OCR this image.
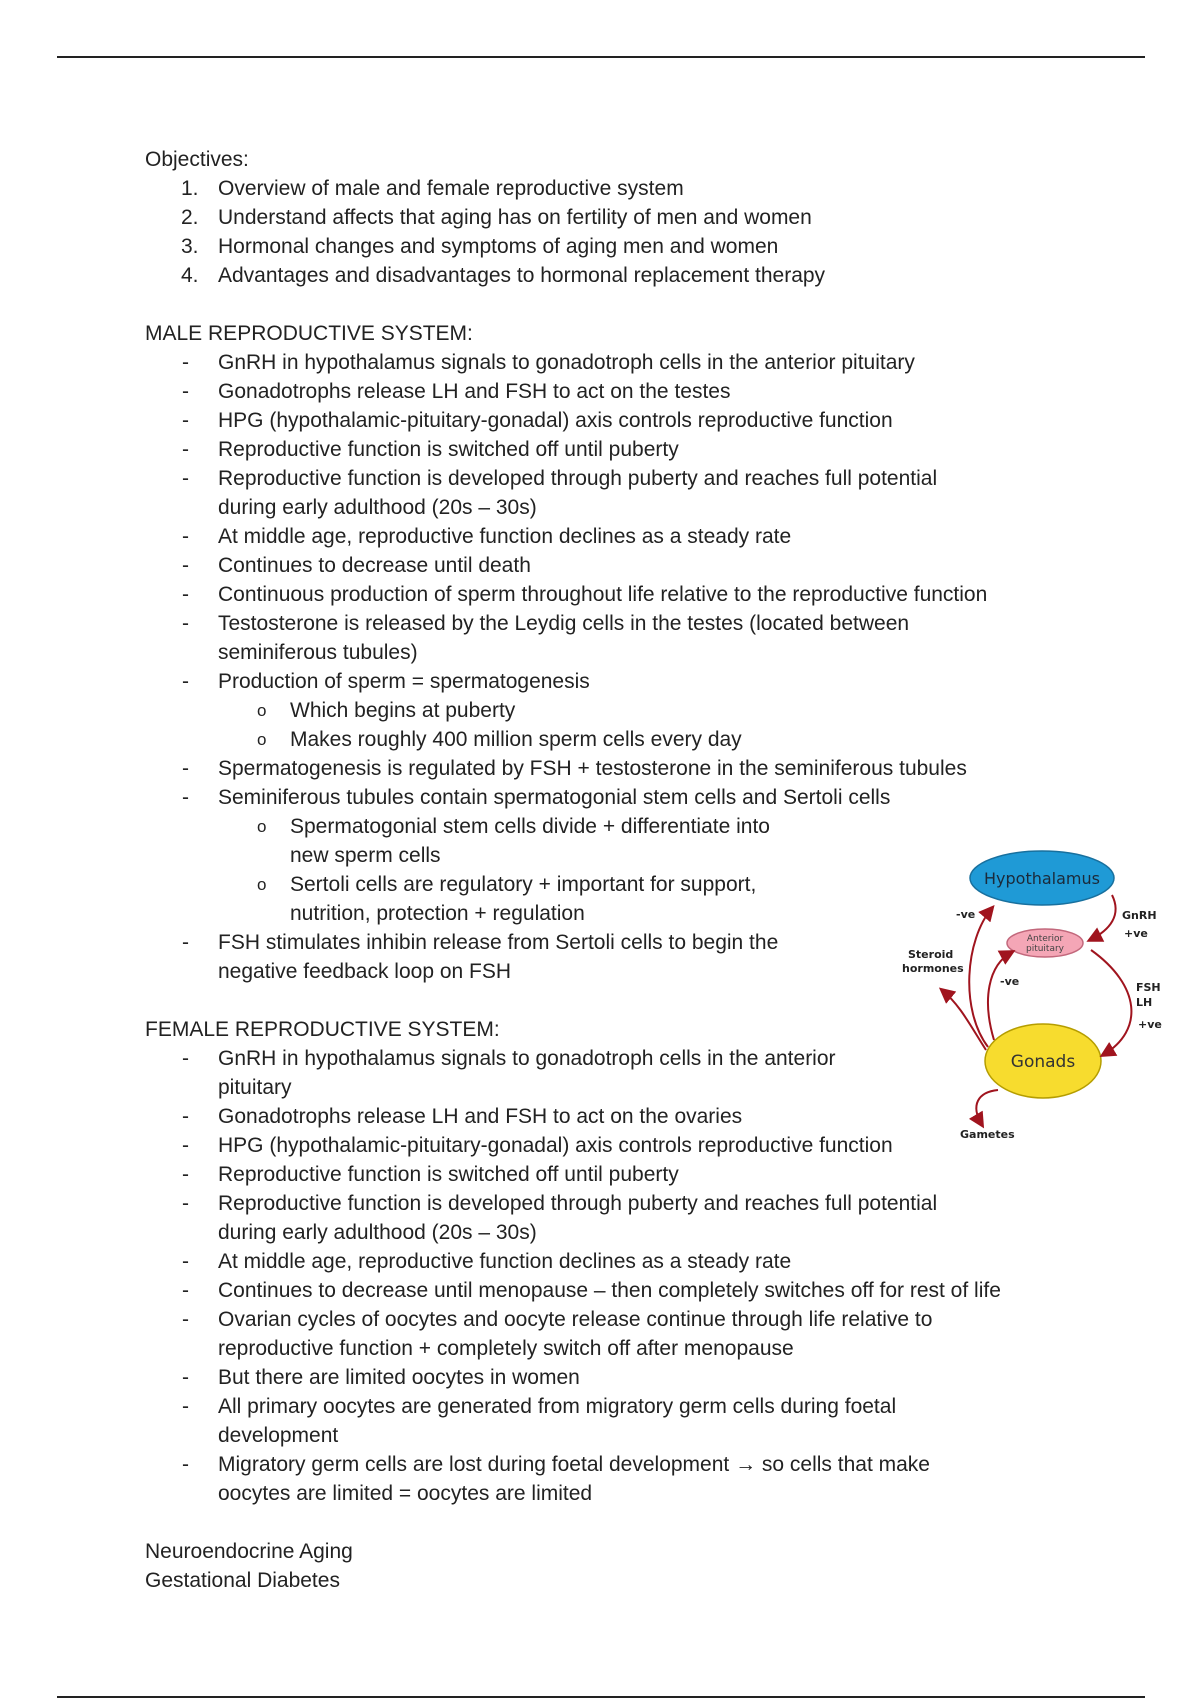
Objectives:

1. Overview of male and female reproductive system
2. Understand affects that aging has on fertility of men and women
3. Hormonal changes and symptoms of aging men and women
4. Advantages and disadvantages to hormonal replacement therapy

MALE REPRODUCTIVE SYSTEM:

- GnRH in hypothalamus signals to gonadotroph cells in the anterior pituitary
- Gonadotrophs release LH and FSH to act on the testes
- HPG (hypothalamic-pituitary-gonadal) axis controls reproductive function
- Reproductive function is switched off until puberty
- Reproductive function is developed through puberty and reaches full potential during early adulthood (20s – 30s)
- At middle age, reproductive function declines as a steady rate
- Continues to decrease until death
- Continuous production of sperm throughout life relative to the reproductive function
- Testosterone is released by the Leydig cells in the testes (located between seminiferous tubules)
- Production of sperm = spermatogenesis
o Which begins at puberty
o Makes roughly 400 million sperm cells every day
- Spermatogenesis is regulated by FSH + testosterone in the seminiferous tubules
- Seminiferous tubules contain spermatogonial stem cells and Sertoli cells
o Spermatogonial stem cells divide + differentiate into new sperm cells
o Sertoli cells are regulatory + important for support, nutrition, protection + regulation
- FSH stimulates inhibin release from Sertoli cells to begin the negative feedback loop on FSH

FEMALE REPRODUCTIVE SYSTEM:

- GnRH in hypothalamus signals to gonadotroph cells in the anterior pituitary
- Gonadotrophs release LH and FSH to act on the ovaries
- HPG (hypothalamic-pituitary-gonadal) axis controls reproductive function
- Reproductive function is switched off until puberty
- Reproductive function is developed through puberty and reaches full potential during early adulthood (20s – 30s)
- At middle age, reproductive function declines as a steady rate
- Continues to decrease until menopause – then completely switches off for rest of life
- Ovarian cycles of oocytes and oocyte release continue through life relative to reproductive function + completely switch off after menopause
- But there are limited oocytes in women
- All primary oocytes are generated from migratory germ cells during foetal development
- Migratory germ cells are lost during foetal development → so cells that make oocytes are limited = oocytes are limited

Neuroendocrine Aging

Gestational Diabetes

Hypothalamus
Anterior
pituitary
Gonads
GnRH
+ve
FSH
LH
+ve
-ve
-ve
Steroid
hormones
Gametes
